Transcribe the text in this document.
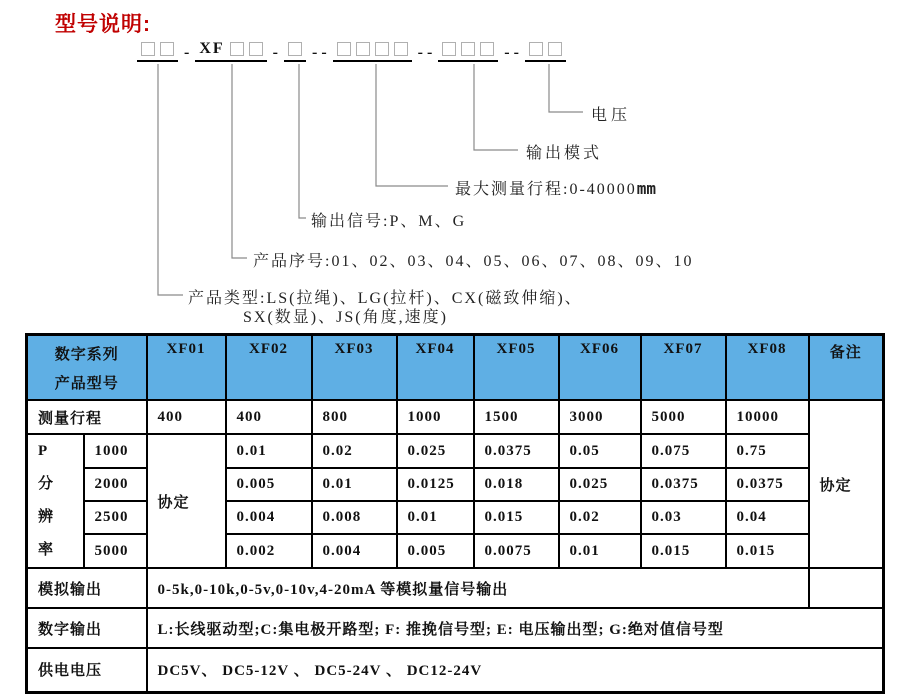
型号说明:
- XF	- - -	- -	- -
电压
输出模式
最大测量行程:0-40000mm
输出信号:P、M、G
产品序号:01、02、03、04、05、06、07、08、09、10
产品类型:LS(拉绳)、LG(拉杆)、CX(磁致伸缩)、
SX(数显)、JS(角度,速度)
数字系列
产品型号		XF01	XF02	XF03	XF04	XF05	XF06	XF07	XF08	备注
测量行程		400	400	800	1000	1500	3000	5000	10000	协定

P
分
辨
率	1000	协定	0.01	0.02	0.025	0.0375	0.05	0.075	0.75	
	2000		0.005	0.01	0.0125	0.018	0.025	0.0375	0.0375	
	2500		0.004	0.008	0.01	0.015	0.02	0.03	0.04	
	5000		0.002	0.004	0.005	0.0075	0.01	0.015	0.015	
模拟输出		0-5k,0-10k,0-5v,0-10v,4-20mA 等模拟量信号输出								
数字输出		L:长线驱动型;C:集电极开路型; F: 推挽信号型; E: 电压输出型; G:绝对值信号型								
供电电压		DC5V、 DC5-12V 、 DC5-24V 、 DC12-24V								
